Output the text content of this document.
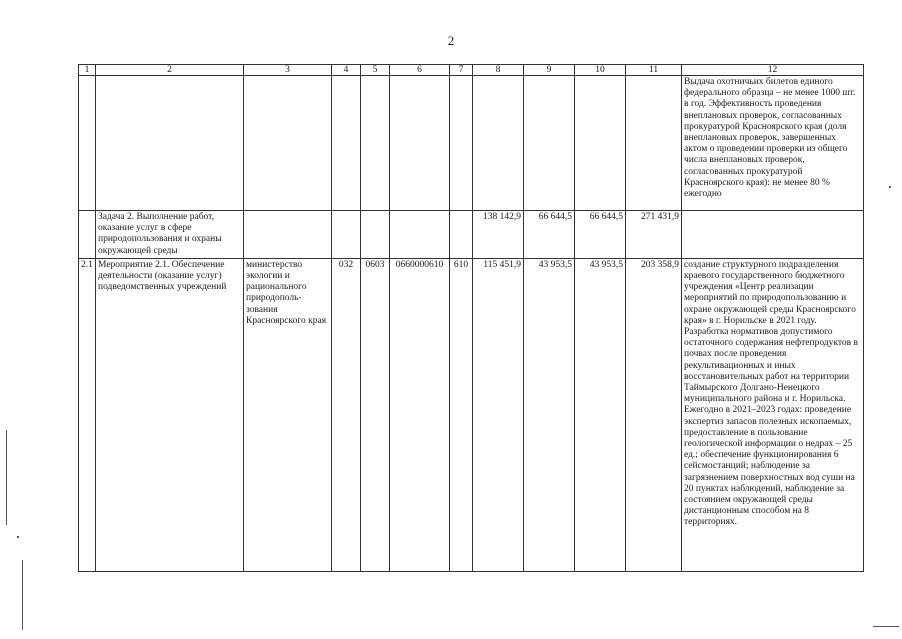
2
1	2	3	4	5	6	7	8	9	10	11	12
											Выдача охотничьих билетов единого федерального образца – не менее 1000 шт. в год. Эффективность проведения внеплановых проверок, согласованных прокуратурой Красноярского края (доля внеплановых проверок, завершенных актом о проведении проверки из общего числа внеплановых проверок, согласованных прокуратурой Красноярского края): не менее 80 % ежегодно
	Задача 2. Выполнение работ, оказание услуг в сфере природопользования и охраны окружающей среды						138 142,9	66 644,5	66 644,5	271 431,9	
2.1	Мероприятие 2.1. Обеспечение деятельности (оказание услуг) подведомственных учреждений	министерство экологии и рационального природополь-зования Красноярского края	032	0603	0660000610	610	115 451,9	43 953,5	43 953,5	203 358,9	создание структурного подразделения краевого государственного бюджетного учреждения «Центр реализации мероприятий по природопользованию и охране окружающей среды Красноярского края» в г. Норильске в 2021 году. Разработка нормативов допустимого остаточного содержания нефтепродуктов в почвах после проведения рекультивационных и иных восстановительных работ на территории Таймырского Долгано-Ненецкого муниципального района и г. Норильска. Ежегодно в 2021–2023 годах: проведение экспертиз запасов полезных ископаемых, предоставление в пользование геологической информации о недрах – 25 ед.; обеспечение функционирования 6 сейсмостанций; наблюдение за загрязнением поверхностных вод суши на 20 пунктах наблюдений, наблюдение за состоянием окружающей среды дистанционным способом на 8 территориях.
